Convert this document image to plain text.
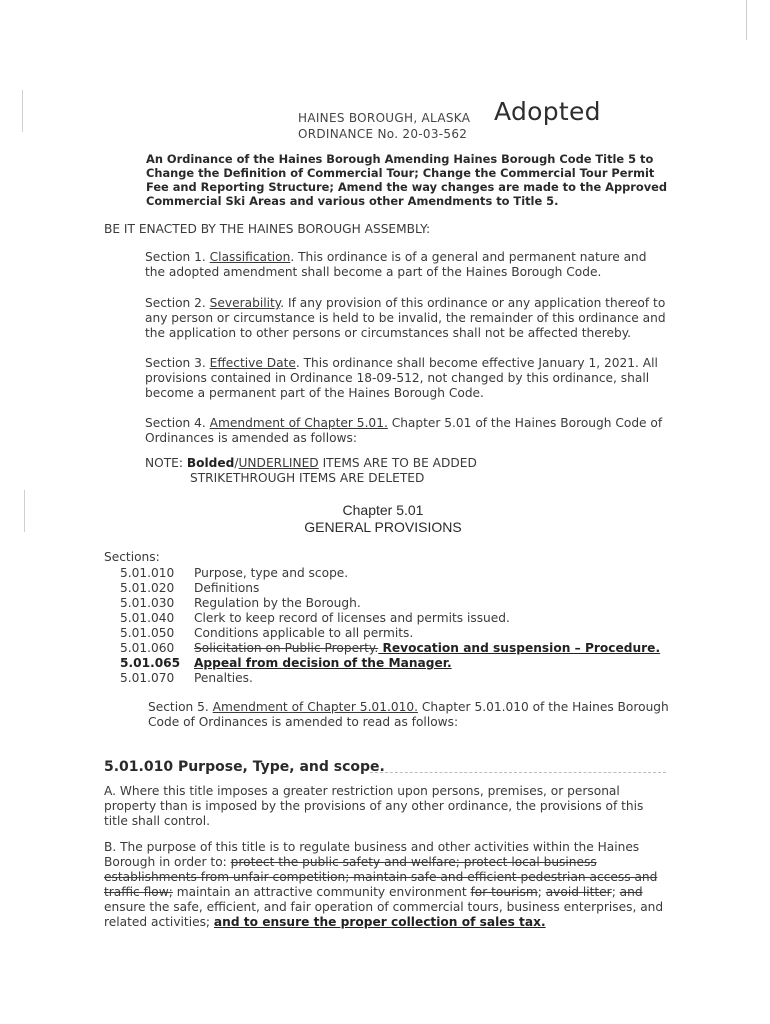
HAINES BOROUGH, ALASKA
ORDINANCE No. 20-03-562
Adopted
An Ordinance of the Haines Borough Amending Haines Borough Code Title 5 to Change the Definition of Commercial Tour; Change the Commercial Tour Permit Fee and Reporting Structure; Amend the way changes are made to the Approved Commercial Ski Areas and various other Amendments to Title 5.
BE IT ENACTED BY THE HAINES BOROUGH ASSEMBLY:
Section 1. Classification. This ordinance is of a general and permanent nature and the adopted amendment shall become a part of the Haines Borough Code.
Section 2. Severability. If any provision of this ordinance or any application thereof to any person or circumstance is held to be invalid, the remainder of this ordinance and the application to other persons or circumstances shall not be affected thereby.
Section 3. Effective Date. This ordinance shall become effective January 1, 2021. All provisions contained in Ordinance 18-09-512, not changed by this ordinance, shall become a permanent part of the Haines Borough Code.
Section 4. Amendment of Chapter 5.01. Chapter 5.01 of the Haines Borough Code of Ordinances is amended as follows:
NOTE: Bolded/UNDERLINED ITEMS ARE TO BE ADDED
STRIKETHROUGH ITEMS ARE DELETED
Chapter 5.01
GENERAL PROVISIONS
Sections:
5.01.010 Purpose, type and scope.
5.01.020 Definitions
5.01.030 Regulation by the Borough.
5.01.040 Clerk to keep record of licenses and permits issued.
5.01.050 Conditions applicable to all permits.
5.01.060 Solicitation on Public Property. Revocation and suspension – Procedure.
5.01.065 Appeal from decision of the Manager.
5.01.070 Penalties.
Section 5. Amendment of Chapter 5.01.010. Chapter 5.01.010 of the Haines Borough Code of Ordinances is amended to read as follows:
5.01.010 Purpose, Type, and scope.
A. Where this title imposes a greater restriction upon persons, premises, or personal property than is imposed by the provisions of any other ordinance, the provisions of this title shall control.
B. The purpose of this title is to regulate business and other activities within the Haines Borough in order to: protect the public safety and welfare; protect local business establishments from unfair competition; maintain safe and efficient pedestrian access and traffic flow; maintain an attractive community environment for tourism; avoid litter; and ensure the safe, efficient, and fair operation of commercial tours, business enterprises, and related activities; and to ensure the proper collection of sales tax.
